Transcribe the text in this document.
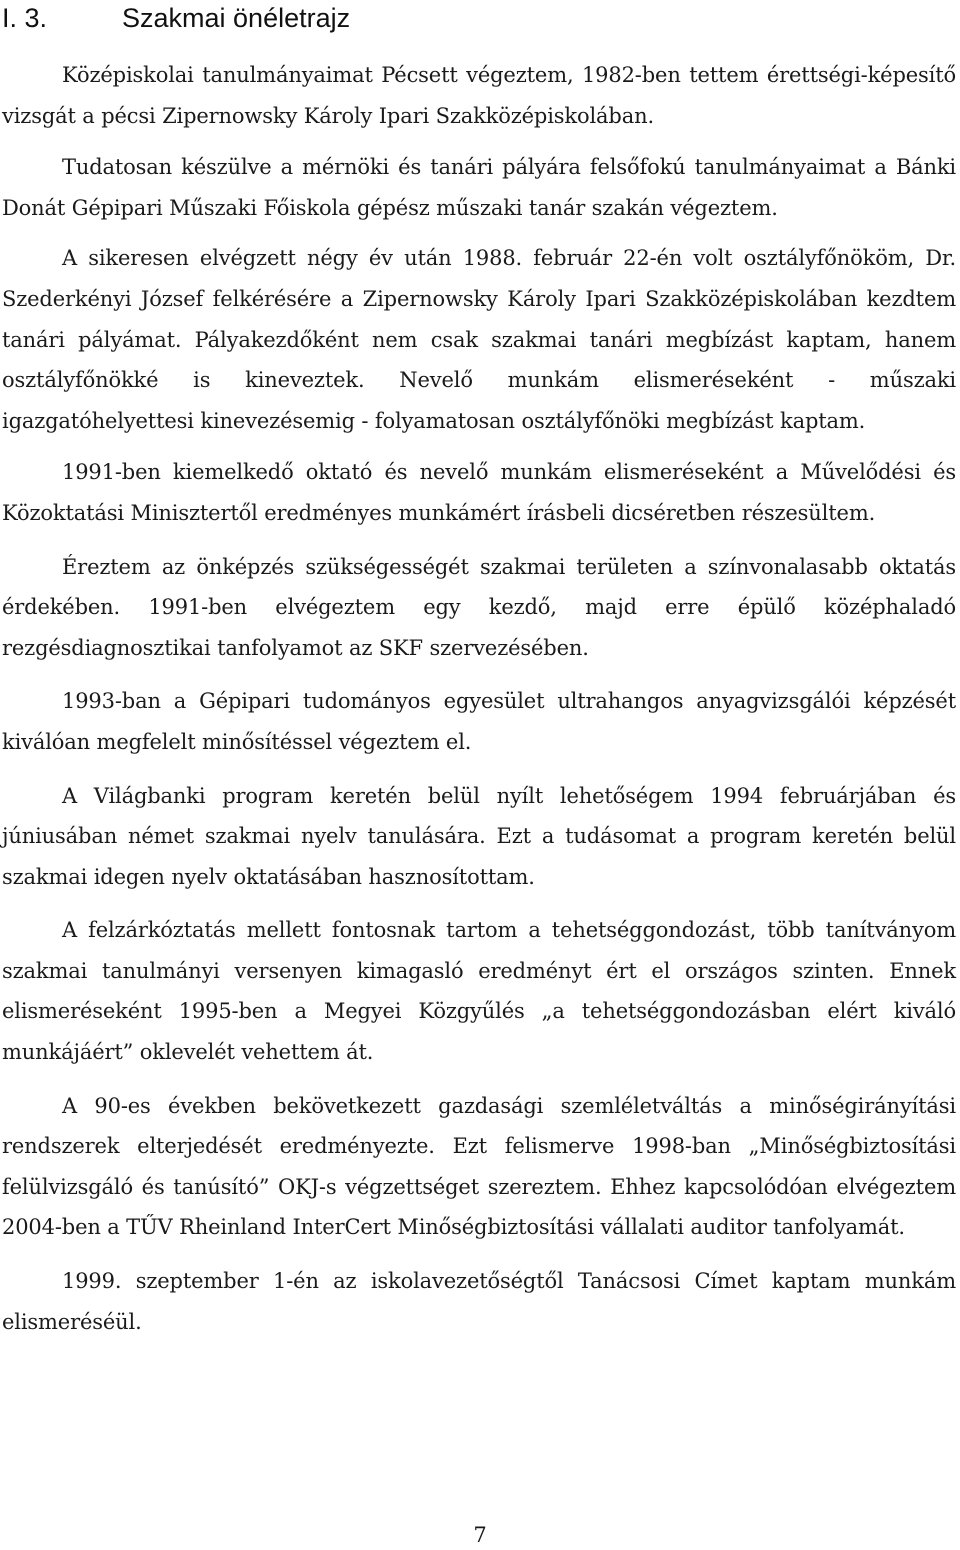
I. 3.	Szakmai önéletrajz

Középiskolai tanulmányaimat Pécsett végeztem, 1982-ben tettem érettségi-képesítő vizsgát a pécsi Zipernowsky Károly Ipari Szakközépiskolában.

Tudatosan készülve a mérnöki és tanári pályára felsőfokú tanulmányaimat a Bánki Donát Gépipari Műszaki Főiskola gépész műszaki tanár szakán végeztem.

A sikeresen elvégzett négy év után 1988. február 22-én volt osztályfőnököm, Dr. Szederkényi József felkérésére a Zipernowsky Károly Ipari Szakközépiskolában kezdtem tanári pályámat. Pályakezdőként nem csak szakmai tanári megbízást kaptam, hanem osztályfőnökké is kineveztek. Nevelő munkám elismeréseként - műszaki igazgatóhelyettesi kinevezésemig - folyamatosan osztályfőnöki megbízást kaptam.

1991-ben kiemelkedő oktató és nevelő munkám elismeréseként a Művelődési és Közoktatási Minisztertől eredményes munkámért írásbeli dicséretben részesültem.

Éreztem az önképzés szükségességét szakmai területen a színvonalasabb oktatás érdekében. 1991-ben elvégeztem egy kezdő, majd erre épülő középhaladó rezgésdiagnosztikai tanfolyamot az SKF szervezésében.

1993-ban a Gépipari tudományos egyesület ultrahangos anyagvizsgálói képzését kiválóan megfelelt minősítéssel végeztem el.

A Világbanki program keretén belül nyílt lehetőségem 1994 februárjában és júniusában német szakmai nyelv tanulására. Ezt a tudásomat a program keretén belül szakmai idegen nyelv oktatásában hasznosítottam.

A felzárkóztatás mellett fontosnak tartom a tehetséggondozást, több tanítványom szakmai tanulmányi versenyen kimagasló eredményt ért el országos szinten. Ennek elismeréseként 1995-ben a Megyei Közgyűlés „a tehetséggondozásban elért kiváló munkájáért” oklevelét vehettem át.

A 90-es években bekövetkezett gazdasági szemléletváltás a minőségirányítási rendszerek elterjedését eredményezte. Ezt felismerve 1998-ban „Minőségbiztosítási felülvizsgáló és tanúsító” OKJ-s végzettséget szereztem. Ehhez kapcsolódóan elvégeztem 2004-ben a TŰV Rheinland InterCert Minőségbiztosítási vállalati auditor tanfolyamát.

1999. szeptember 1-én az iskolavezetőségtől Tanácsosi Címet kaptam munkám elismeréséül.

7
